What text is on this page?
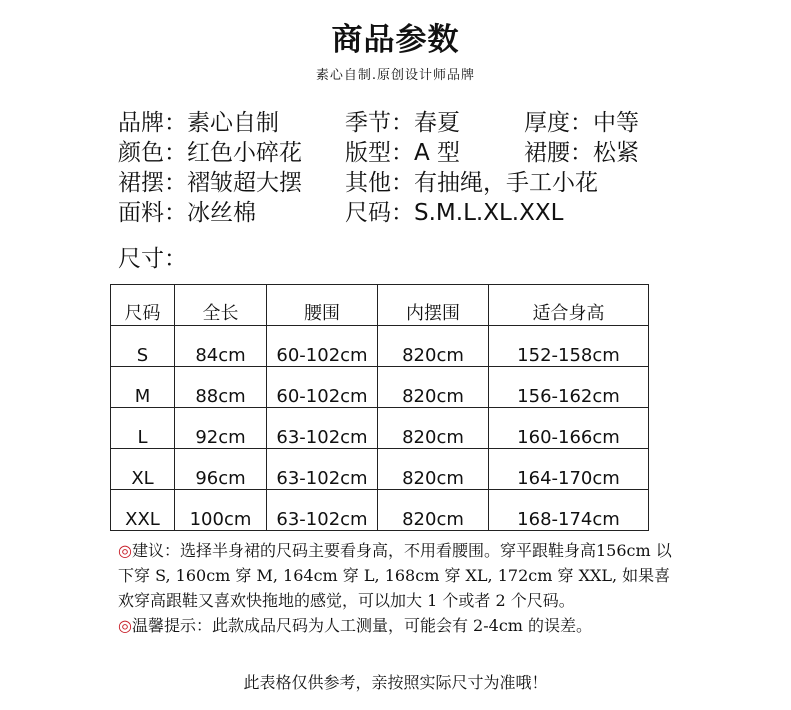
商品参数
素心自制.原创设计师品牌
品牌：素心自制	季节：春夏	厚度：中等
颜色：红色小碎花 版型：A 型	裙腰：松紧
裙摆：褶皱超大摆 其他：有抽绳，手工小花
面料：冰丝棉	尺码：S.M.L.XL.XXL
尺寸：
尺码	全长	腰围	内摆围	适合身高
S	84cm	60-102cm	820cm	152-158cm
M	88cm	60-102cm	820cm	156-162cm
L	92cm	63-102cm	820cm	160-166cm
XL	96cm	63-102cm	820cm	164-170cm
XXL	100cm	63-102cm	820cm	168-174cm

◎建议：选择半身裙的尺码主要看身高，不用看腰围。穿平跟鞋身高156cm 以下穿 S, 160cm 穿 M, 164cm 穿 L, 168cm 穿 XL, 172cm 穿 XXL, 如果喜欢穿高跟鞋又喜欢快拖地的感觉，可以加大 1 个或者 2 个尺码。

◎温馨提示：此款成品尺码为人工测量，可能会有 2-4cm 的误差。

此表格仅供参考，亲按照实际尺寸为准哦！
